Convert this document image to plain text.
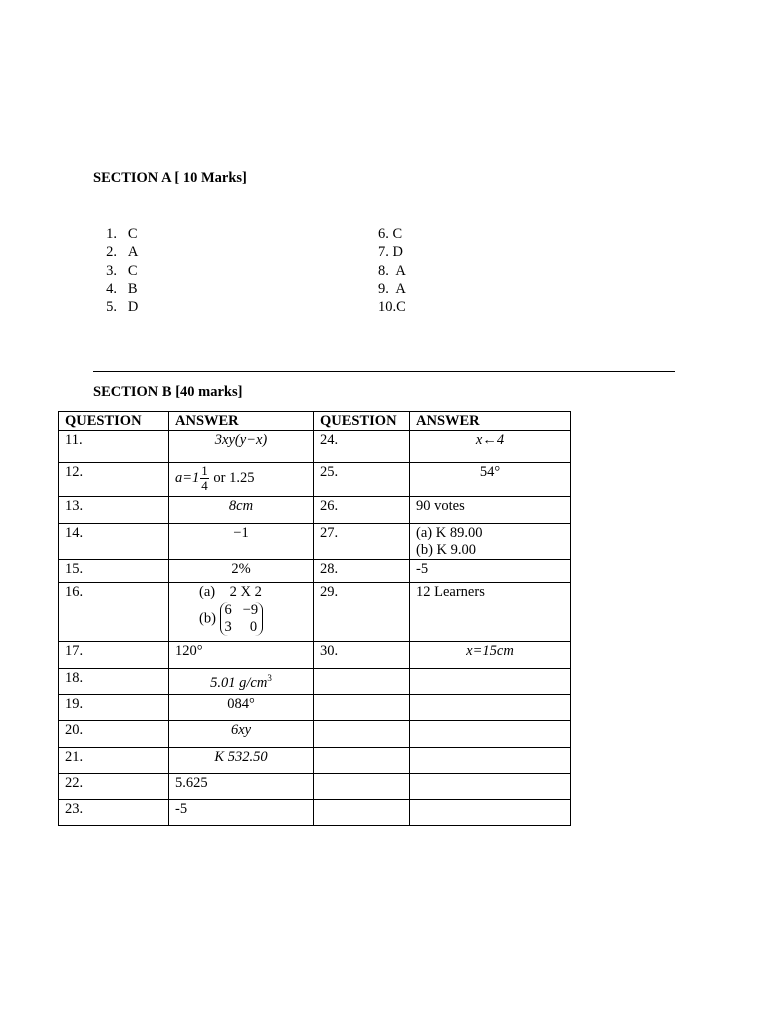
SECTION A [ 10 Marks]
1. C
2. A
3. C
4. B
5. D
6. C
7. D
8.  A
9.  A
10.C
SECTION B [40 marks]
QUESTION	ANSWER	QUESTION	ANSWER
11.	3xy(y−x)	24.	x←4
12.	$a=1 \frac{1}{4}$ or 1.25	25.	54°
13.	8cm	26.	90 votes
14.	−1	27.	(a) K 89.00
(b) K 9.00

15.	2%	28.	-5
16.	(a)    2 X 2
(b)
6   −9
3     0	29.	12 Learners
17.	120°	30.	x=15cm
18.	5.01 $g/cm^3$		
19.	084°		
20.	6xy		
21.	K 532.50		
22.	5.625		
23.	-5		
